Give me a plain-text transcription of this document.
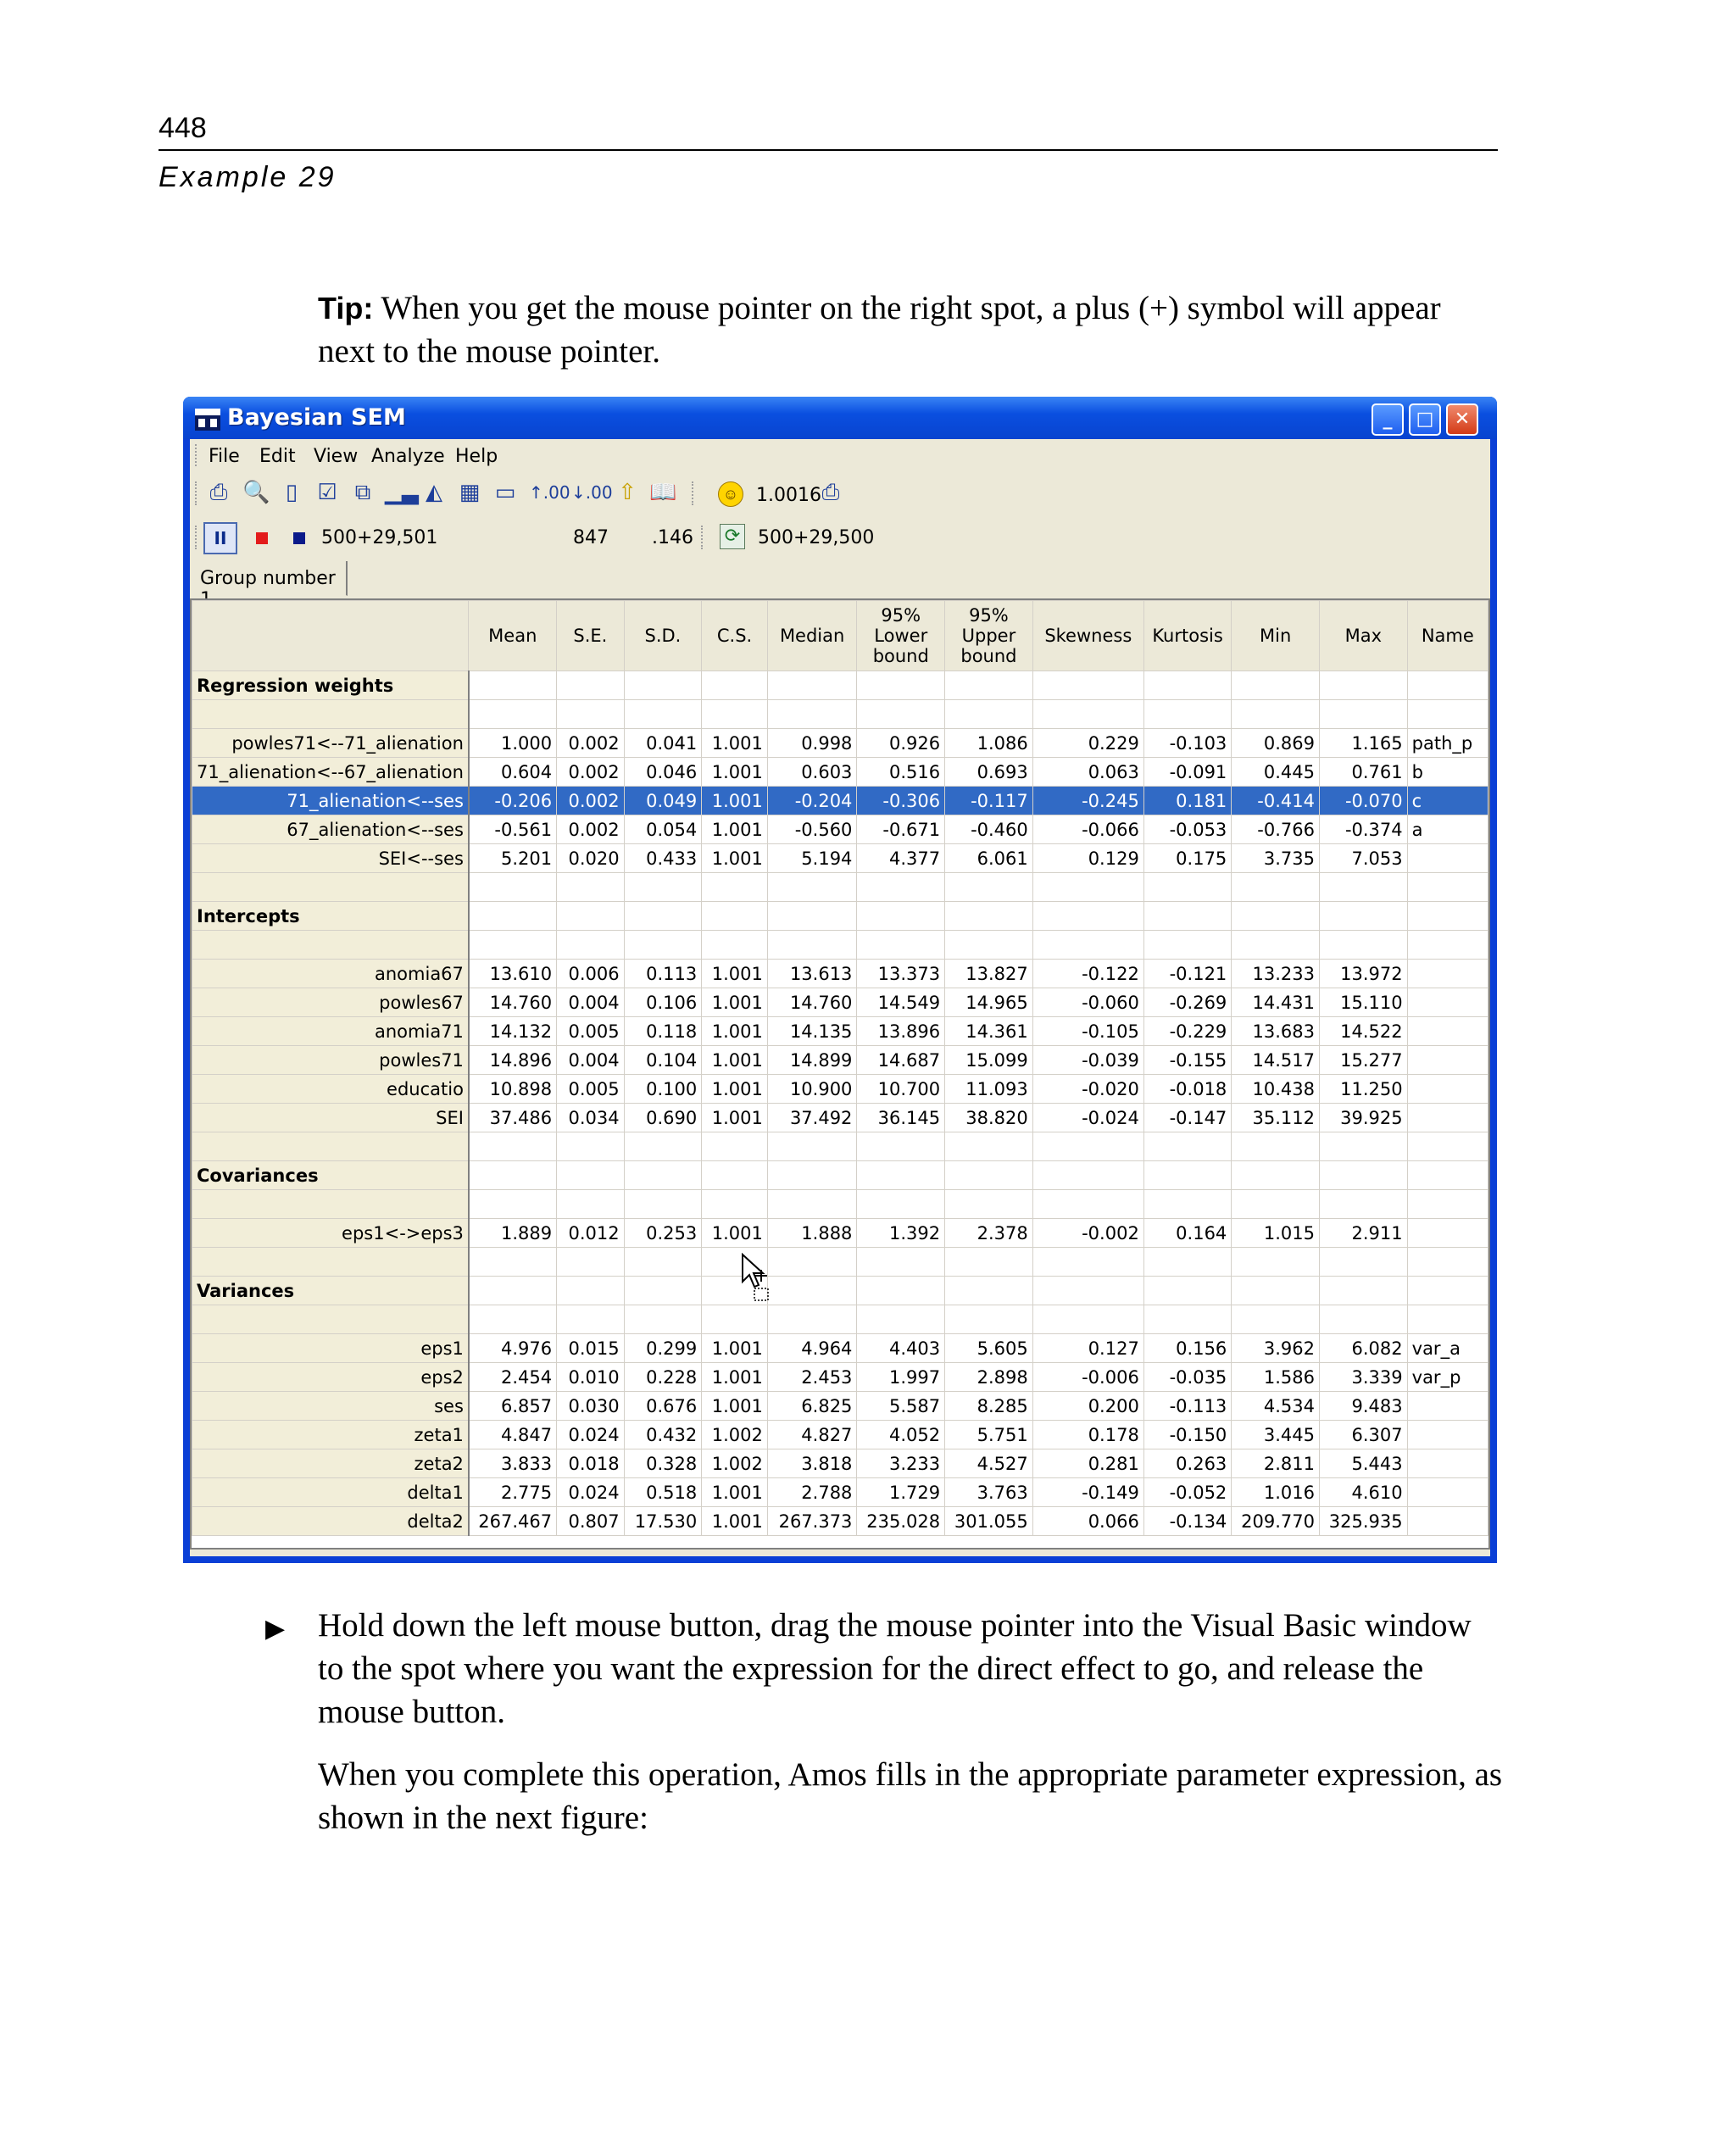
448
Example 29
Tip: When you get the mouse pointer on the right spot, a plus (+) symbol will appear next to the mouse pointer.
Bayesian SEM	_	□	✕
File Edit View Analyze Help
⎙ 🔍 ▯ ☑ ⧉ ▁▃ ◭ ▦ ▭ ↑.00 ↓.00 ⇧ 📖	☺ 1.0016 ⎙
II	500+29,501	847 .146 ⟳ 500+29,500
Group number
	Mean	S.E.	S.D.	C.S.	Median	95%
Lower
bound	95%
Upper
bound	Skewness	Kurtosis	Min	Max	Name
Regression weights												

powles71<--71_alienation	1.000	0.002	0.041	1.001	0.998	0.926	1.086	0.229	-0.103	0.869	1.165	path_p
71_alienation<--67_alienation	0.604	0.002	0.046	1.001	0.603	0.516	0.693	0.063	-0.091	0.445	0.761	b
71_alienation<--ses	-0.206	0.002	0.049	1.001	-0.204	-0.306	-0.117	-0.245	0.181	-0.414	-0.070	c
67_alienation<--ses	-0.561	0.002	0.054	1.001	-0.560	-0.671	-0.460	-0.066	-0.053	-0.766	-0.374	a
SEI<--ses	5.201	0.020	0.433	1.001	5.194	4.377	6.061	0.129	0.175	3.735	7.053	

Intercepts												

anomia67	13.610	0.006	0.113	1.001	13.613	13.373	13.827	-0.122	-0.121	13.233	13.972	
powles67	14.760	0.004	0.106	1.001	14.760	14.549	14.965	-0.060	-0.269	14.431	15.110	
anomia71	14.132	0.005	0.118	1.001	14.135	13.896	14.361	-0.105	-0.229	13.683	14.522	
powles71	14.896	0.004	0.104	1.001	14.899	14.687	15.099	-0.039	-0.155	14.517	15.277	
educatio	10.898	0.005	0.100	1.001	10.900	10.700	11.093	-0.020	-0.018	10.438	11.250	
SEI	37.486	0.034	0.690	1.001	37.492	36.145	38.820	-0.024	-0.147	35.112	39.925	

Covariances												

eps1<->eps3	1.889	0.012	0.253	1.001	1.888	1.392	2.378	-0.002	0.164	1.015	2.911	

Variances												

eps1	4.976	0.015	0.299	1.001	4.964	4.403	5.605	0.127	0.156	3.962	6.082	var_a
eps2	2.454	0.010	0.228	1.001	2.453	1.997	2.898	-0.006	-0.035	1.586	3.339	var_p
ses	6.857	0.030	0.676	1.001	6.825	5.587	8.285	0.200	-0.113	4.534	9.483	
zeta1	4.847	0.024	0.432	1.002	4.827	4.052	5.751	0.178	-0.150	3.445	6.307	
zeta2	3.833	0.018	0.328	1.002	3.818	3.233	4.527	0.281	0.263	2.811	5.443	
delta1	2.775	0.024	0.518	1.001	2.788	1.729	3.763	-0.149	-0.052	1.016	4.610	
delta2	267.467	0.807	17.530	1.001	267.373	235.028	301.055	0.066	-0.134	209.770	325.935	
▶ Hold down the left mouse button, drag the mouse pointer into the Visual Basic window to the spot where you want the expression for the direct effect to go, and release the mouse button.
When you complete this operation, Amos fills in the appropriate parameter expression, as shown in the next figure:
